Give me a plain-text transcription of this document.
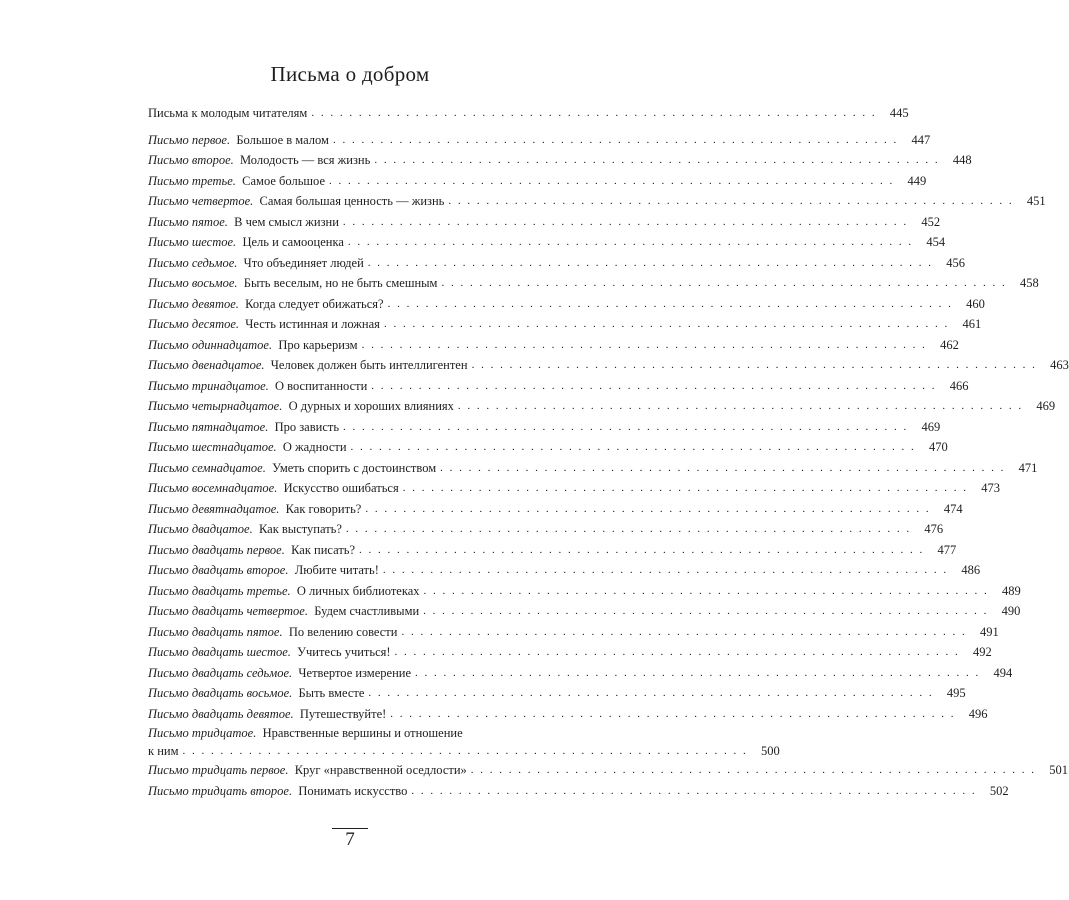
Письма о добром
Письма к молодым читателям . . .	445
Письмо первое. Большое в малом . . .	447
Письмо второе. Молодость — вся жизнь . . .	448
Письмо третье. Самое большое . . .	449
Письмо четвертое. Самая большая ценность — жизнь . . .	451
Письмо пятое. В чем смысл жизни . . .	452
Письмо шестое. Цель и самооценка . . .	454
Письмо седьмое. Что объединяет людей . . .	456
Письмо восьмое. Быть веселым, но не быть смешным . . .	458
Письмо девятое. Когда следует обижаться? . . .	460
Письмо десятое. Честь истинная и ложная . . .	461
Письмо одиннадцатое. Про карьеризм . . .	462
Письмо двенадцатое. Человек должен быть интеллигентен . . .	463
Письмо тринадцатое. О воспитанности . . .	466
Письмо четырнадцатое. О дурных и хороших влияниях . . .	469
Письмо пятнадцатое. Про зависть . . .	469
Письмо шестнадцатое. О жадности . . .	470
Письмо семнадцатое. Уметь спорить с достоинством . . .	471
Письмо восемнадцатое. Искусство ошибаться . . .	473
Письмо девятнадцатое. Как говорить? . . .	474
Письмо двадцатое. Как выступать? . . .	476
Письмо двадцать первое. Как писать? . . .	477
Письмо двадцать второе. Любите читать! . . .	486
Письмо двадцать третье. О личных библиотеках . . .	489
Письмо двадцать четвертое. Будем счастливыми . . .	490
Письмо двадцать пятое. По велению совести . . .	491
Письмо двадцать шестое. Учитесь учиться! . . .	492
Письмо двадцать седьмое. Четвертое измерение . . .	494
Письмо двадцать восьмое. Быть вместе . . .	495
Письмо двадцать девятое. Путешествуйте! . . .	496
Письмо тридцатое. Нравственные вершины и отношение
к ним . . .	500
Письмо тридцать первое. Круг «нравственной оседлости» . . .	501
Письмо тридцать второе. Понимать искусство . . .	502
7
